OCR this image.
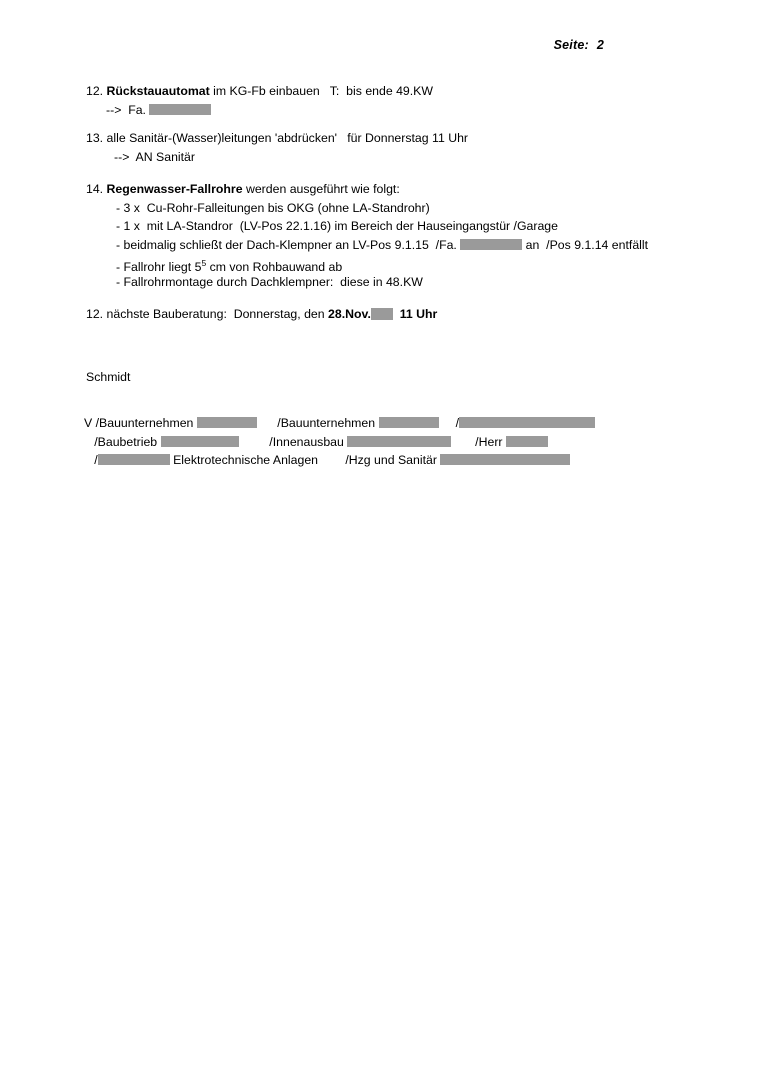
Seite: 2
12. Rückstauautomat im KG-Fb einbauen   T:  bis ende 49.KW
-->  Fa.
13. alle Sanitär-(Wasser)leitungen 'abdrücken'   für Donnerstag 11 Uhr
-->  AN Sanitär
14. Regenwasser-Fallrohre werden ausgeführt wie folgt:
- 3 x  Cu-Rohr-Falleitungen bis OKG (ohne LA-Standrohr)
- 1 x  mit LA-Standror  (LV-Pos 22.1.16) im Bereich der Hauseingangstür /Garage
- beidmalig schließt der Dach-Klempner an LV-Pos 9.1.15  /Fa.	an  /Pos 9.1.14 entfällt
- Fallrohr liegt $5^5$ cm von Rohbauwand ab
- Fallrohrmontage durch Dachklempner:  diese in 48.KW
12. nächste Bauberatung:  Donnerstag, den 28.Nov.  11 Uhr
Schmidt
V /Bauunternehmen	/Bauunternehmen	/
/Baubetrieb	/Innenausbau	/Herr
/	Elektrotechnische Anlagen        /Hzg und Sanitär
